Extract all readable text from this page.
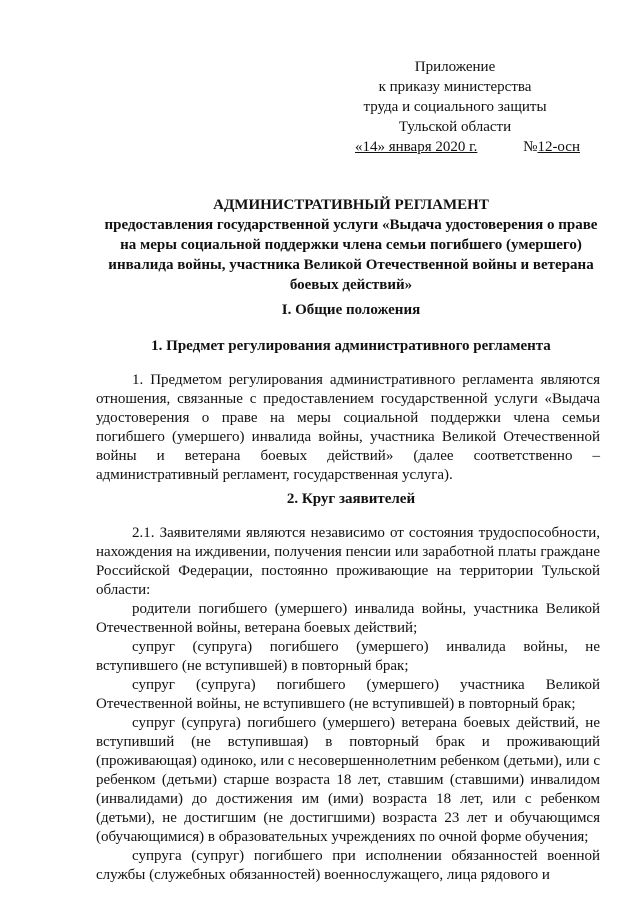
Приложение
к приказу министерства
труда и социального защиты
Тульской области
«14» января 2020 г.	№12-осн
АДМИНИСТРАТИВНЫЙ РЕГЛАМЕНТ
предоставления государственной услуги «Выдача удостоверения о праве на меры социальной поддержки члена семьи погибшего (умершего) инвалида войны, участника Великой Отечественной войны и ветерана боевых действий»
I. Общие положения
1. Предмет регулирования административного регламента

1. Предметом регулирования административного регламента являются отношения, связанные с предоставлением государственной услуги «Выдача удостоверения о праве на меры социальной поддержки члена семьи погибшего (умершего) инвалида войны, участника Великой Отечественной войны и ветерана боевых действий» (далее соответственно – административный регламент, государственная услуга).

2. Круг заявителей

2.1. Заявителями являются независимо от состояния трудоспособности, нахождения на иждивении, получения пенсии или заработной платы граждане Российской Федерации, постоянно проживающие на территории Тульской области:

родители погибшего (умершего) инвалида войны, участника Великой Отечественной войны, ветерана боевых действий;

супруг (супруга) погибшего (умершего) инвалида войны, не вступившего (не вступившей) в повторный брак;

супруг (супруга) погибшего (умершего) участника Великой Отечественной войны, не вступившего (не вступившей) в повторный брак;

супруг (супруга) погибшего (умершего) ветерана боевых действий, не вступивший (не вступившая) в повторный брак и проживающий (проживающая) одиноко, или с несовершеннолетним ребенком (детьми), или с ребенком (детьми) старше возраста 18 лет, ставшим (ставшими) инвалидом (инвалидами) до достижения им (ими) возраста 18 лет, или с ребенком (детьми), не достигшим (не достигшими) возраста 23 лет и обучающимся (обучающимися) в образовательных учреждениях по очной форме обучения;

супруга (супруг) погибшего при исполнении обязанностей военной службы (служебных обязанностей) военнослужащего, лица рядового и
